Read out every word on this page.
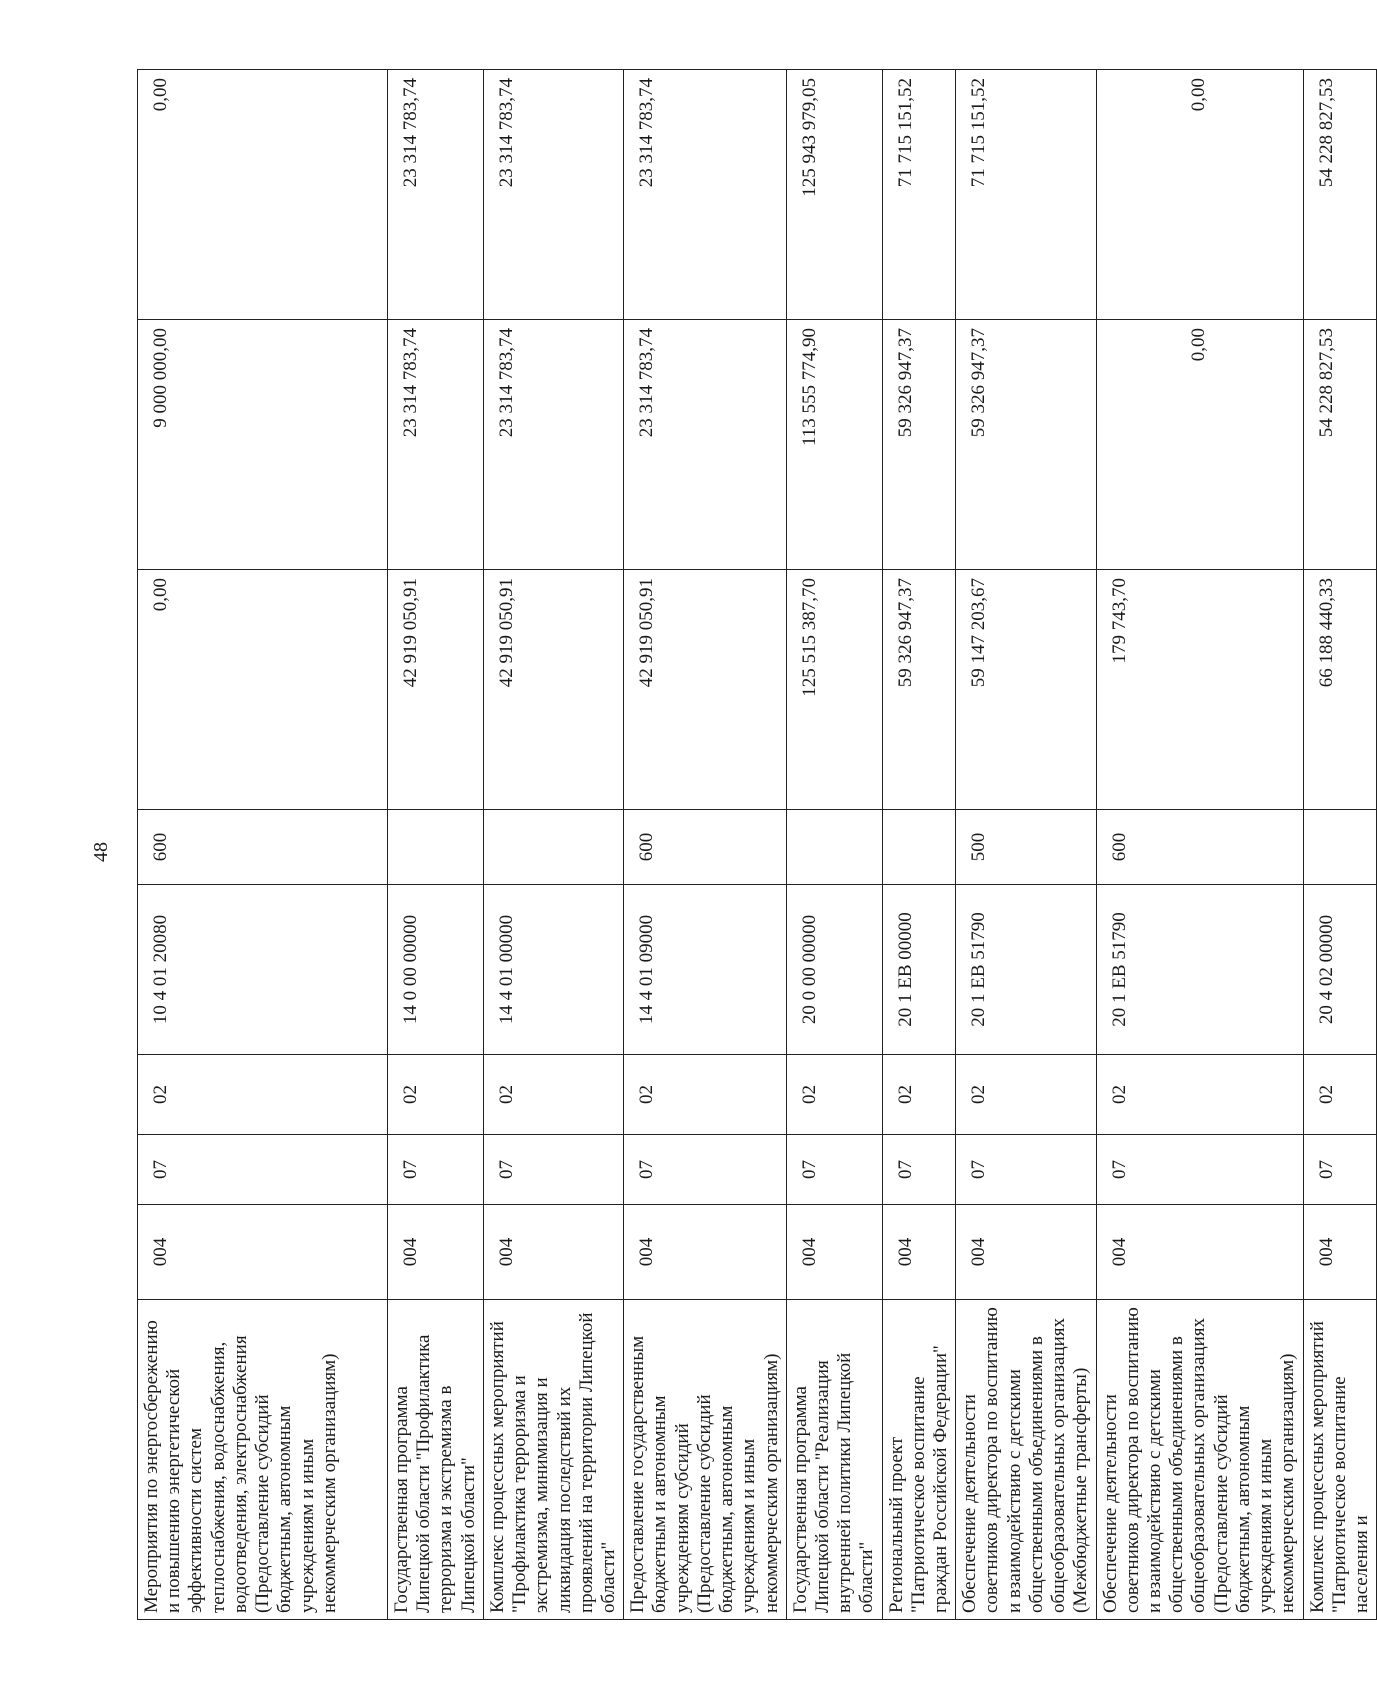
48
Мероприятия по энергосбережению и повышению энергетической эффективности систем теплоснабжения, водоснабжения, водоотведения, электроснабжения (Предоставление субсидий бюджетным, автономным учреждениям и иным некоммерческим организациям)	004	07	02	10 4 01 20080	600	0,00	9 000 000,00	0,00
Государственная программа Липецкой области "Профилактика терроризма и экстремизма в Липецкой области"	004	07	02	14 0 00 00000		42 919 050,91	23 314 783,74	23 314 783,74
Комплекс процессных мероприятий "Профилактика терроризма и экстремизма, минимизация и ликвидация последствий их проявлений на территории Липецкой области"	004	07	02	14 4 01 00000		42 919 050,91	23 314 783,74	23 314 783,74
Предоставление государственным бюджетным и автономным учреждениям субсидий (Предоставление субсидий бюджетным, автономным учреждениям и иным некоммерческим организациям)	004	07	02	14 4 01 09000	600	42 919 050,91	23 314 783,74	23 314 783,74
Государственная программа Липецкой области "Реализация внутренней политики Липецкой области"	004	07	02	20 0 00 00000		125 515 387,70	113 555 774,90	125 943 979,05
Региональный проект "Патриотическое воспитание граждан Российской Федерации"	004	07	02	20 1 ЕВ 00000		59 326 947,37	59 326 947,37	71 715 151,52
Обеспечение деятельности советников директора по воспитанию и взаимодействию с детскими общественными объединениями в общеобразовательных организациях (Межбюджетные трансферты)	004	07	02	20 1 ЕВ 51790	500	59 147 203,67	59 326 947,37	71 715 151,52
Обеспечение деятельности советников директора по воспитанию и взаимодействию с детскими общественными объединениями в общеобразовательных организациях (Предоставление субсидий бюджетным, автономным учреждениям и иным некоммерческим организациям)	004	07	02	20 1 ЕВ 51790	600	179 743,70	0,00	0,00
Комплекс процессных мероприятий "Патриотическое воспитание населения и	004	07	02	20 4 02 00000		66 188 440,33	54 228 827,53	54 228 827,53
